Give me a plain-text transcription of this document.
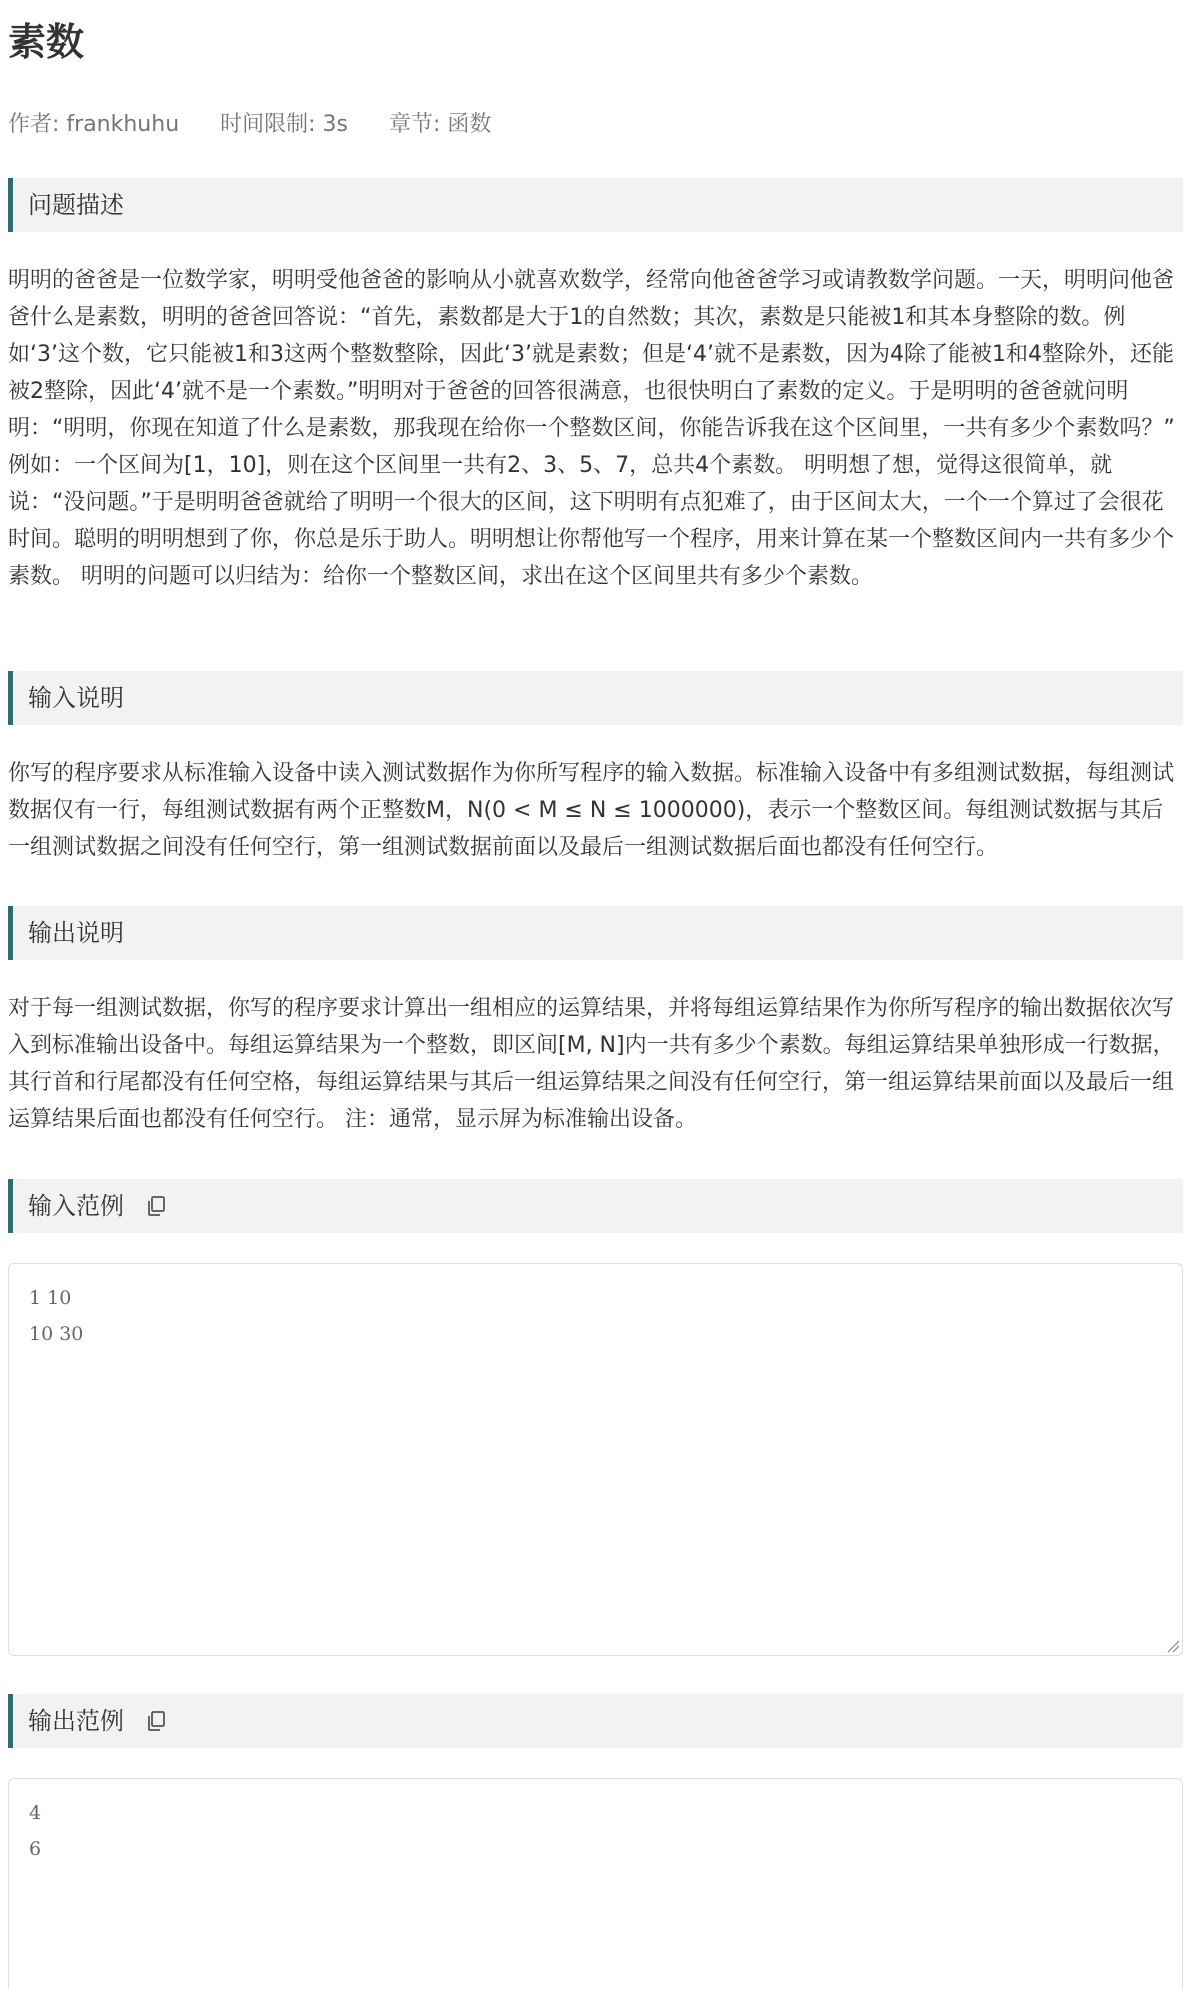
素数
作者: frankhuhu 时间限制: 3s 章节: 函数
问题描述

明明的爸爸是一位数学家，明明受他爸爸的影响从小就喜欢数学，经常向他爸爸学习或请教数学问题。一天，明明问他爸爸什么是素数，明明的爸爸回答说：“首先，素数都是大于1的自然数；其次，素数是只能被1和其本身整除的数。例如‘3’这个数，它只能被1和3这两个整数整除，因此‘3’就是素数；但是‘4’就不是素数，因为4除了能被1和4整除外，还能被2整除，因此‘4’就不是一个素数。”明明对于爸爸的回答很满意，也很快明白了素数的定义。于是明明的爸爸就问明明：“明明，你现在知道了什么是素数，那我现在给你一个整数区间，你能告诉我在这个区间里，一共有多少个素数吗？” 例如：一个区间为[1，10]，则在这个区间里一共有2、3、5、7，总共4个素数。 明明想了想，觉得这很简单，就说：“没问题。”于是明明爸爸就给了明明一个很大的区间，这下明明有点犯难了，由于区间太大，一个一个算过了会很花时间。聪明的明明想到了你，你总是乐于助人。明明想让你帮他写一个程序，用来计算在某一个整数区间内一共有多少个素数。 明明的问题可以归结为：给你一个整数区间，求出在这个区间里共有多少个素数。

输入说明

你写的程序要求从标准输入设备中读入测试数据作为你所写程序的输入数据。标准输入设备中有多组测试数据，每组测试数据仅有一行，每组测试数据有两个正整数M，N(0 < M ≤ N ≤ 1000000)，表示一个整数区间。每组测试数据与其后一组测试数据之间没有任何空行，第一组测试数据前面以及最后一组测试数据后面也都没有任何空行。

输出说明

对于每一组测试数据，你写的程序要求计算出一组相应的运算结果，并将每组运算结果作为你所写程序的输出数据依次写入到标准输出设备中。每组运算结果为一个整数，即区间[M, N]内一共有多少个素数。每组运算结果单独形成一行数据，其行首和行尾都没有任何空格，每组运算结果与其后一组运算结果之间没有任何空行，第一组运算结果前面以及最后一组运算结果后面也都没有任何空行。 注：通常，显示屏为标准输出设备。

输入范例
1 10
10 30
输出范例
4
6
